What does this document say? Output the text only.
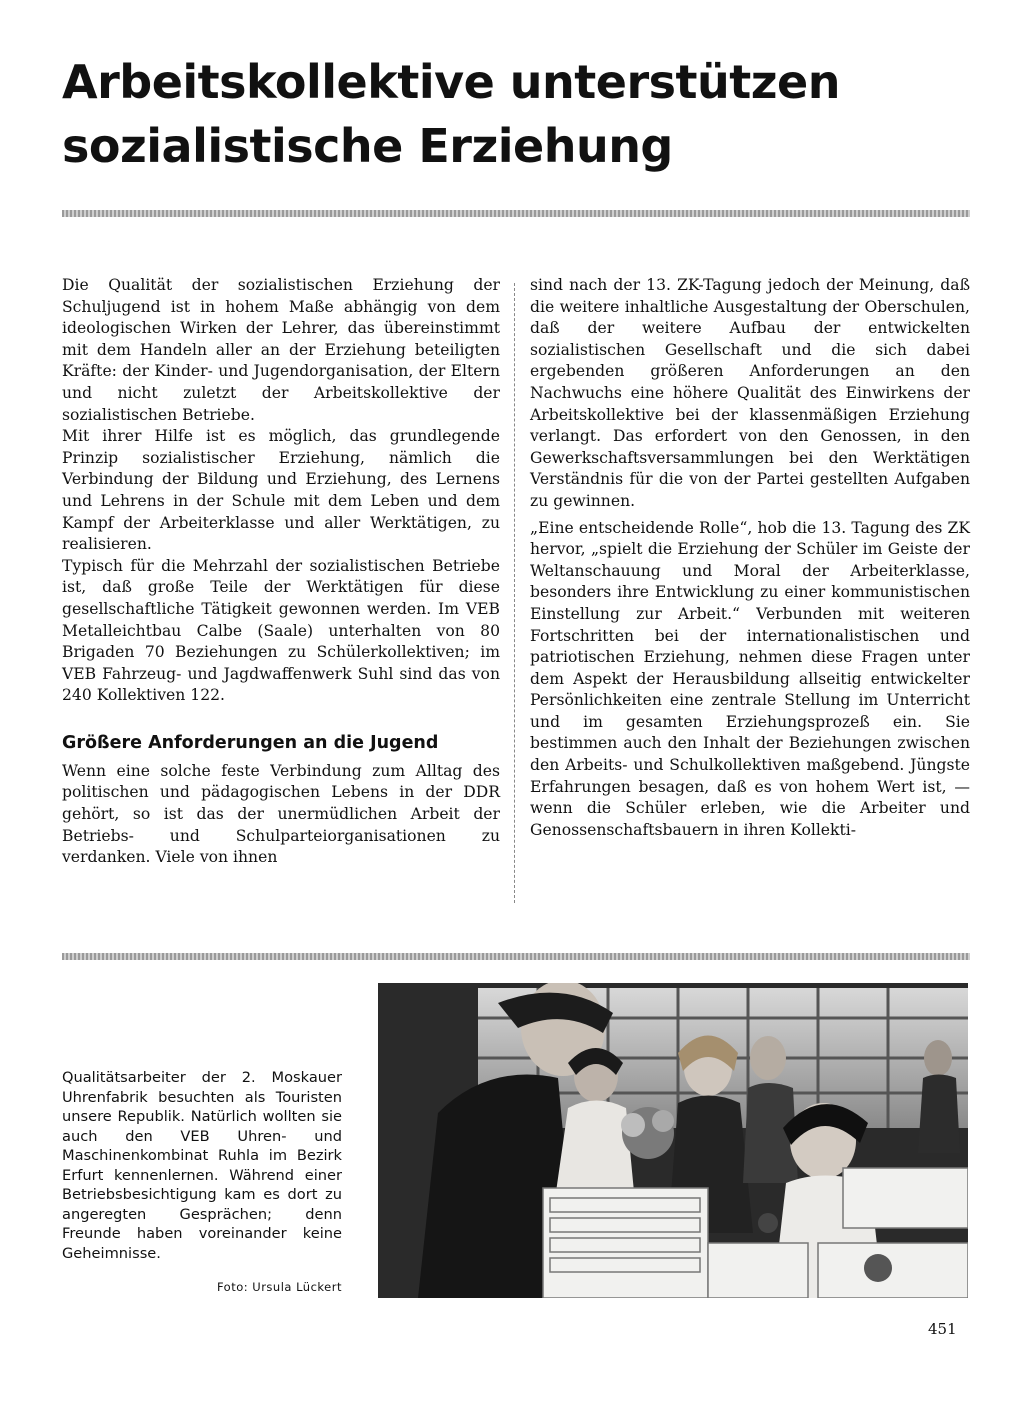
Arbeitskollektive unterstützen sozialistische Erziehung

Die Qualität der sozialistischen Erziehung der Schuljugend ist in hohem Maße abhängig von dem ideologischen Wirken der Lehrer, das übereinstimmt mit dem Handeln aller an der Erziehung beteiligten Kräfte: der Kinder- und Jugendorganisation, der Eltern und nicht zuletzt der Arbeitskollektive der sozialistischen Betriebe.

Mit ihrer Hilfe ist es möglich, das grundlegende Prinzip sozialistischer Erziehung, nämlich die Verbindung der Bildung und Erziehung, des Lernens und Lehrens in der Schule mit dem Leben und dem Kampf der Arbeiterklasse und aller Werktätigen, zu realisieren.

Typisch für die Mehrzahl der sozialistischen Betriebe ist, daß große Teile der Werktätigen für diese gesellschaftliche Tätigkeit gewonnen werden. Im VEB Metalleichtbau Calbe (Saale) unterhalten von 80 Brigaden 70 Beziehungen zu Schülerkollektiven; im VEB Fahrzeug- und Jagdwaffenwerk Suhl sind das von 240 Kollektiven 122.

Größere Anforderungen an die Jugend

Wenn eine solche feste Verbindung zum Alltag des politischen und pädagogischen Lebens in der DDR gehört, so ist das der unermüdlichen Arbeit der Betriebs- und Schulparteiorganisationen zu verdanken. Viele von ihnen

sind nach der 13. ZK-Tagung jedoch der Meinung, daß die weitere inhaltliche Ausgestaltung der Oberschulen, daß der weitere Aufbau der entwickelten sozialistischen Gesellschaft und die sich dabei ergebenden größeren Anforderungen an den Nachwuchs eine höhere Qualität des Einwirkens der Arbeitskollektive bei der klassenmäßigen Erziehung verlangt. Das erfordert von den Genossen, in den Gewerkschaftsversammlungen bei den Werktätigen Verständnis für die von der Partei gestellten Aufgaben zu gewinnen.

„Eine entscheidende Rolle“, hob die 13. Tagung des ZK hervor, „spielt die Erziehung der Schüler im Geiste der Weltanschauung und Moral der Arbeiterklasse, besonders ihre Entwicklung zu einer kommunistischen Einstellung zur Arbeit.“ Verbunden mit weiteren Fortschritten bei der internationalistischen und patriotischen Erziehung, nehmen diese Fragen unter dem Aspekt der Herausbildung allseitig entwickelter Persönlichkeiten eine zentrale Stellung im Unterricht und im gesamten Erziehungsprozeß ein. Sie bestimmen auch den Inhalt der Beziehungen zwischen den Arbeits- und Schulkollektiven maßgebend. Jüngste Erfahrungen besagen, daß es von hohem Wert ist, — wenn die Schüler erleben, wie die Arbeiter und Genossenschaftsbauern in ihren Kollekti-

Qualitätsarbeiter der 2. Moskauer Uhrenfabrik besuchten als Touristen unsere Republik. Natürlich wollten sie auch den VEB Uhren- und Maschinenkombinat Ruhla im Bezirk Erfurt kennenlernen. Während einer Betriebsbesichtigung kam es dort zu angeregten Gesprächen; denn Freunde haben voreinander keine Geheimnisse.

Foto: Ursula Lückert
451
